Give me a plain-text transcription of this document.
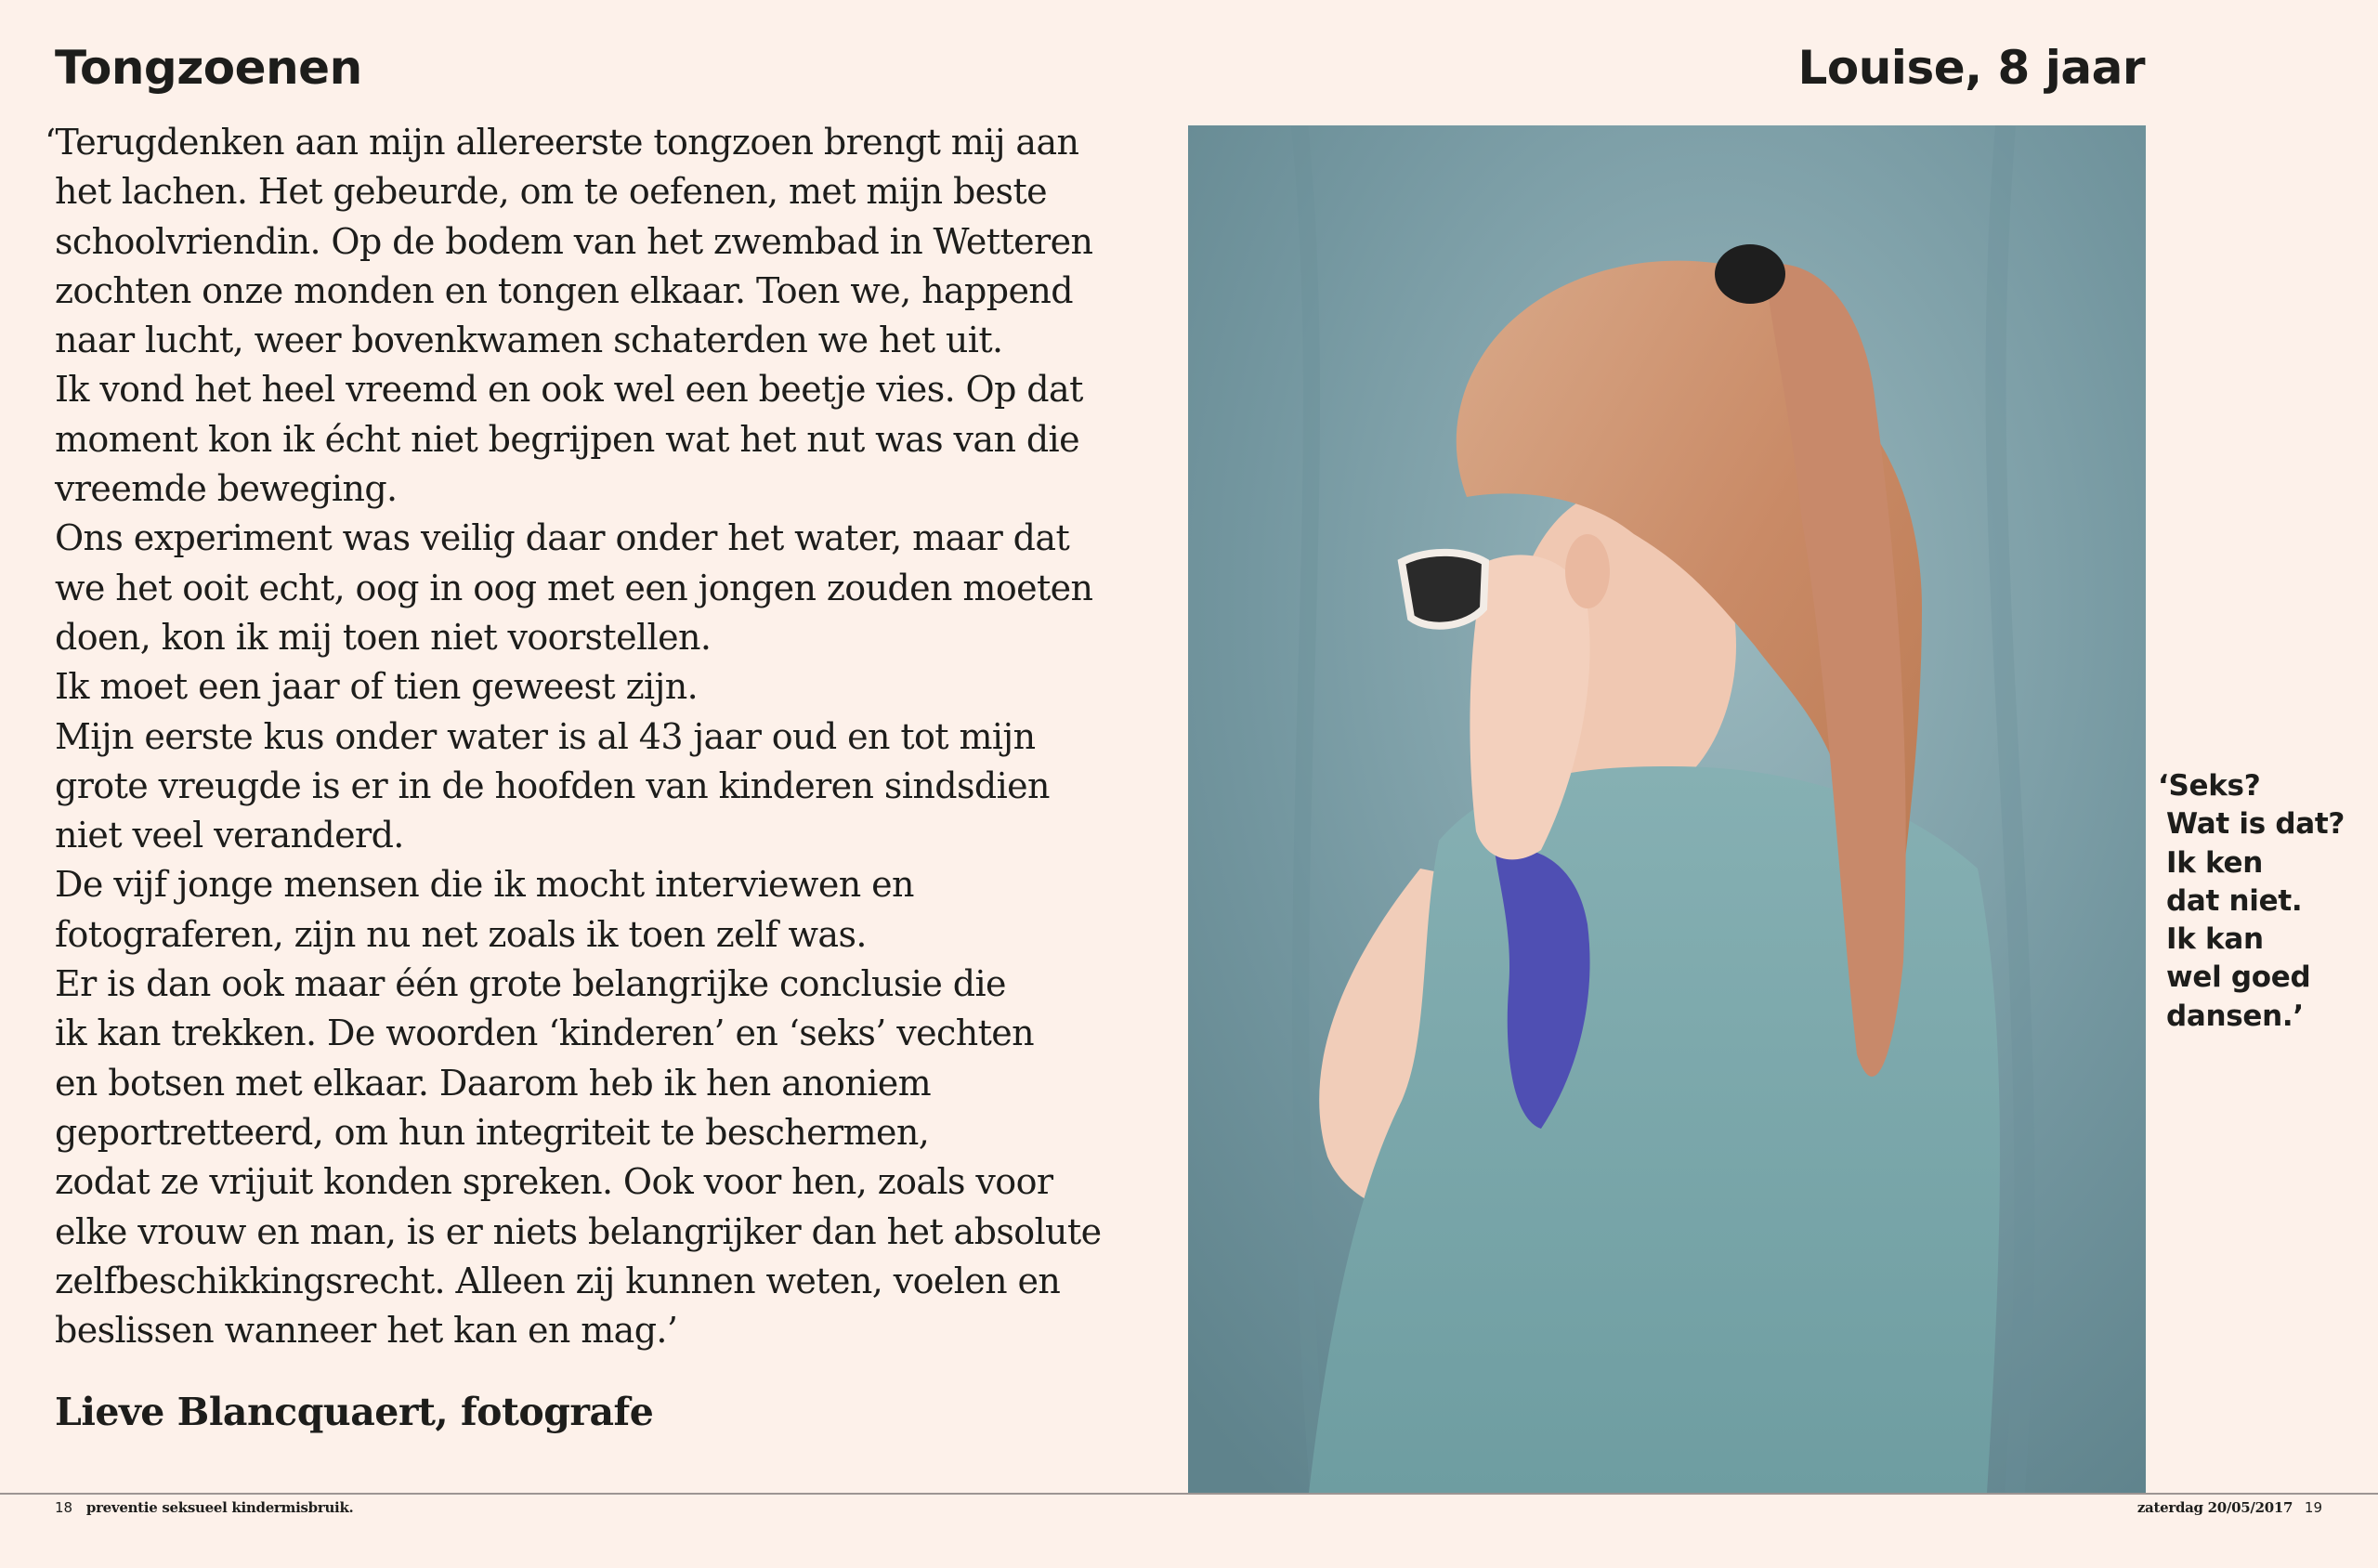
Tongzoenen
‘Terugdenken aan mijn allereerste tongzoen brengt mij aan
het lachen. Het gebeurde, om te oefenen, met mijn beste
schoolvriendin. Op de bodem van het zwembad in Wetteren
zochten onze monden en tongen elkaar. Toen we, happend
naar lucht, weer bovenkwamen schaterden we het uit.
Ik vond het heel vreemd en ook wel een beetje vies. Op dat
moment kon ik écht niet begrijpen wat het nut was van die
vreemde beweging.
Ons experiment was veilig daar onder het water, maar dat
we het ooit echt, oog in oog met een jongen zouden moeten
doen, kon ik mij toen niet voorstellen.
Ik moet een jaar of tien geweest zijn.
Mijn eerste kus onder water is al 43 jaar oud en tot mijn
grote vreugde is er in de hoofden van kinderen sindsdien
niet veel veranderd.
De vijf jonge mensen die ik mocht interviewen en
fotograferen, zijn nu net zoals ik toen zelf was.
Er is dan ook maar één grote belangrijke conclusie die
ik kan trekken. De woorden ‘kinderen’ en ‘seks’ vechten
en botsen met elkaar. Daarom heb ik hen anoniem
geportretteerd, om hun integriteit te beschermen,
zodat ze vrijuit konden spreken. Ook voor hen, zoals voor
elke vrouw en man, is er niets belangrijker dan het absolute
zelfbeschikkingsrecht. Alleen zij kunnen weten, voelen en
beslissen wanneer het kan en mag.’
Lieve Blancquaert, fotografe
Louise, 8 jaar
‘Seks?
Wat is dat?
Ik ken
dat niet.
Ik kan
wel goed
dansen.’
18 preventie seksueel kindermisbruik.	zaterdag 20/05/2017 19
